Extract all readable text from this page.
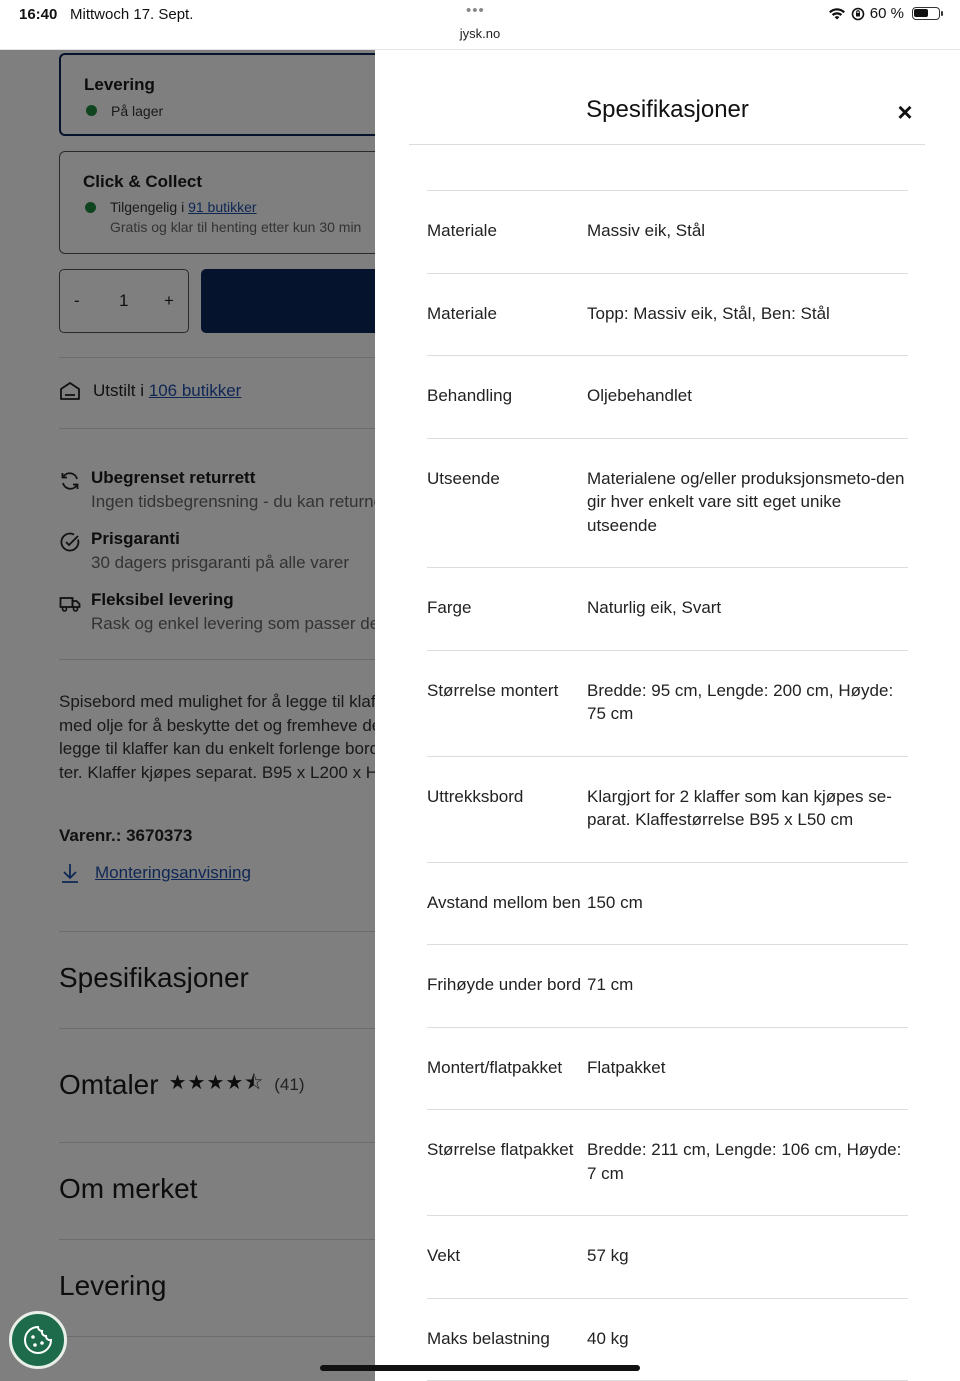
16:40 Mittwoch 17. Sept.	•••
jysk.no
60 %
Spesifikasjoner	×
Materiale	Massiv eik, Stål
Materiale	Topp: Massiv eik, Stål, Ben: Stål
Behandling	Oljebehandlet
Utseende	Materialene og/eller produksjonsmeto-den gir hver enkelt vare sitt eget unike utseende
Farge	Naturlig eik, Svart
Størrelse montert	Bredde: 95 cm, Lengde: 200 cm, Høyde: 75 cm
Uttrekksbord	Klargjort for 2 klaffer som kan kjøpes se-parat. Klaffestørrelse B95 x L50 cm
Avstand mellom ben 150 cm
Frihøyde under bord 71 cm
Montert/flatpakket	Flatpakket
Størrelse flatpakket Bredde: 211 cm, Lengde: 106 cm, Høyde: 7 cm
Vekt	57 kg
Maks belastning	40 kg
